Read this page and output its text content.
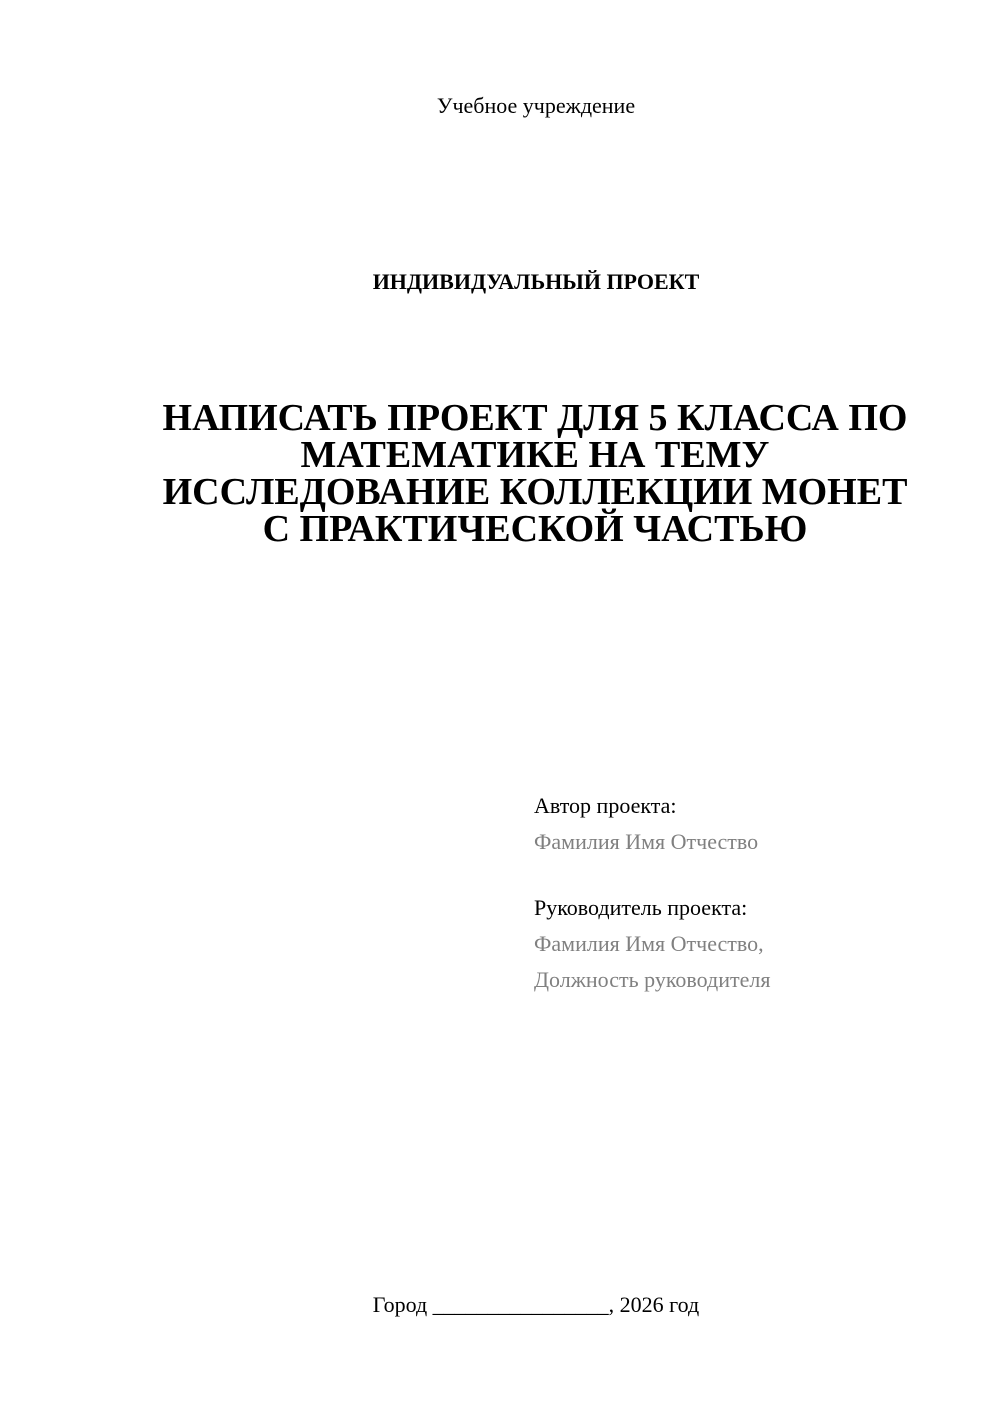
Учебное учреждение
ИНДИВИДУАЛЬНЫЙ ПРОЕКТ
НАПИСАТЬ ПРОЕКТ ДЛЯ 5 КЛАССА ПО
МАТЕМАТИКЕ НА ТЕМУ
ИССЛЕДОВАНИЕ КОЛЛЕКЦИИ МОНЕТ
С ПРАКТИЧЕСКОЙ ЧАСТЬЮ
Автор проекта:
Фамилия Имя Отчество
Руководитель проекта:
Фамилия Имя Отчество,
Должность руководителя
Город ________________, 2026 год
